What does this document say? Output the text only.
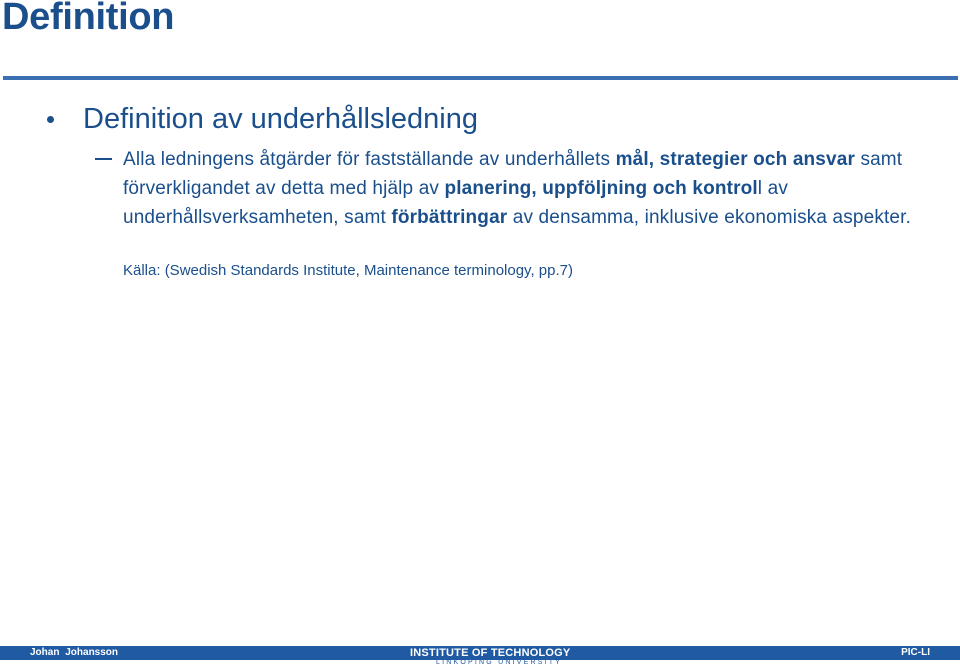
Definition
Definition av underhållsledning
Alla ledningens åtgärder för fastställande av underhållets mål, strategier och ansvar samt förverkligandet av detta med hjälp av planering, uppföljning och kontroll av underhållsverksamheten, samt förbättringar av densamma, inklusive ekonomiska aspekter.
Källa: (Swedish Standards Institute, Maintenance terminology, pp.7)
Johan Johansson	INSTITUTE OF TECHNOLOGY
LINKÖPING UNIVERSITY
PIC-LI
